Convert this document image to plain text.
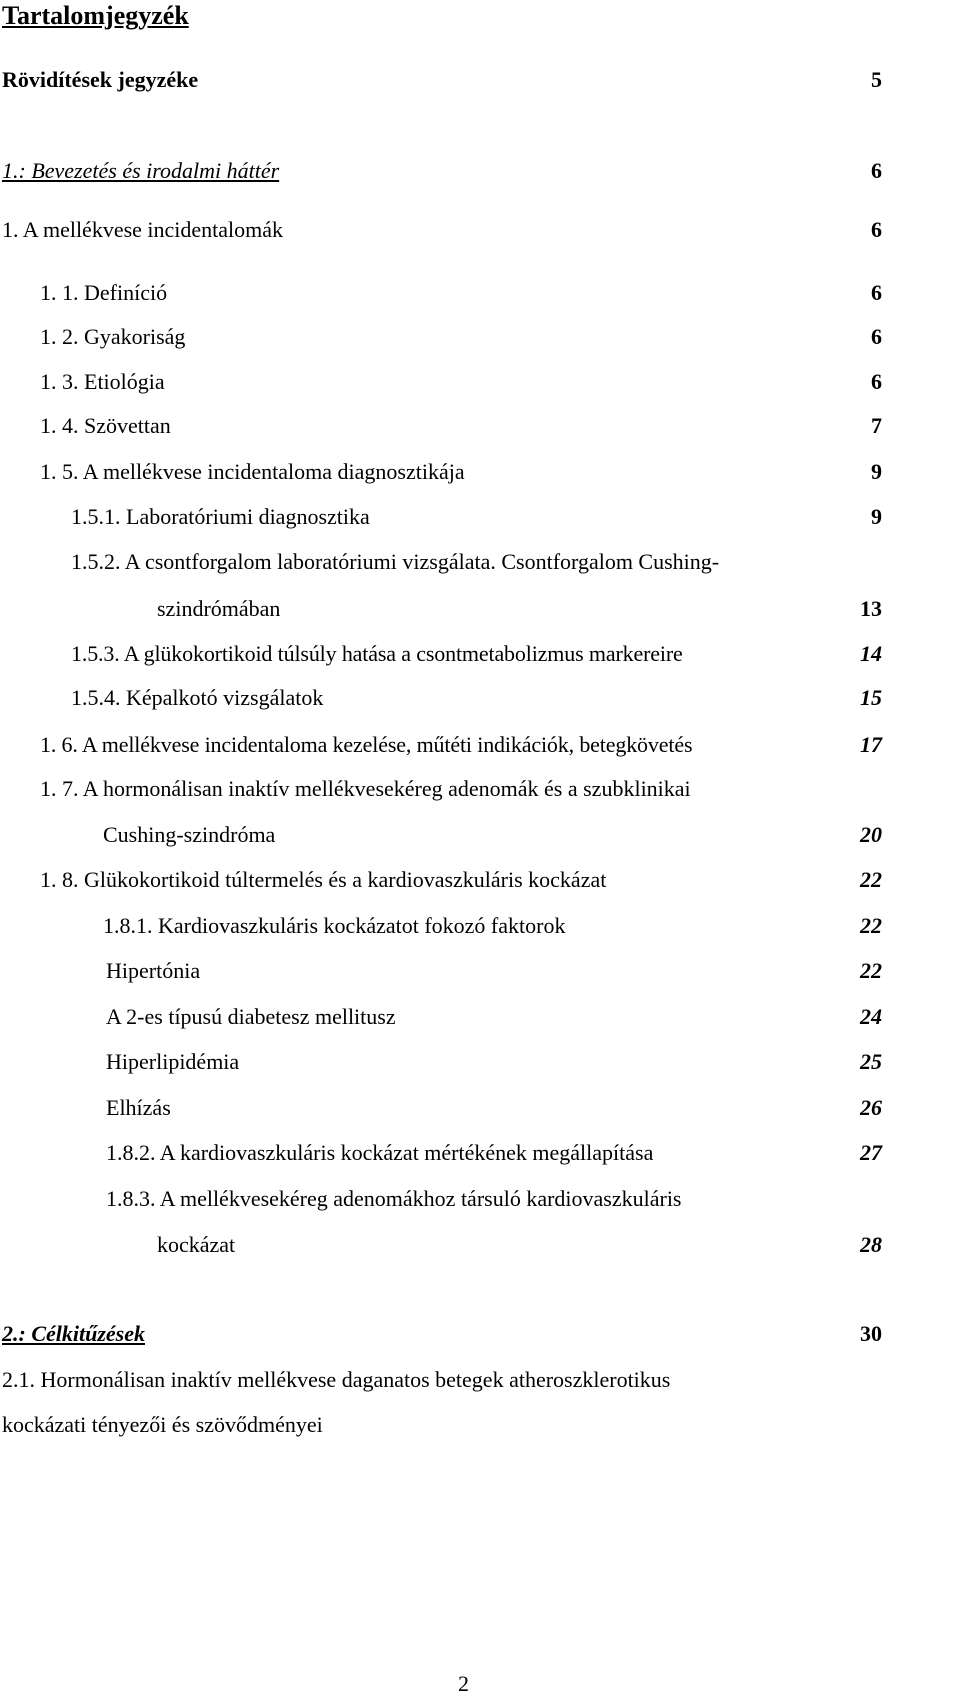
Tartalomjegyzék
Rövidítések jegyzéke	5
1.: Bevezetés és irodalmi háttér	6
1. A mellékvese incidentalomák	6
1. 1. Definíció	6
1. 2. Gyakoriság	6
1. 3. Etiológia	6
1. 4. Szövettan	7
1. 5. A mellékvese incidentaloma diagnosztikája	9
1.5.1. Laboratóriumi diagnosztika	9
1.5.2. A csontforgalom laboratóriumi vizsgálata. Csontforgalom Cushing-
szindrómában	13
1.5.3. A glükokortikoid túlsúly hatása a csontmetabolizmus markereire	14
1.5.4. Képalkotó vizsgálatok	15
1. 6. A mellékvese incidentaloma kezelése, műtéti indikációk, betegkövetés	17
1. 7. A hormonálisan inaktív mellékvesekéreg adenomák és a szubklinikai
Cushing-szindróma	20
1. 8. Glükokortikoid túltermelés és a kardiovaszkuláris kockázat	22
1.8.1. Kardiovaszkuláris kockázatot fokozó faktorok	22
Hipertónia	22
A 2-es típusú diabetesz mellitusz	24
Hiperlipidémia	25
Elhízás	26
1.8.2. A kardiovaszkuláris kockázat mértékének megállapítása	27
1.8.3. A mellékvesekéreg adenomákhoz társuló kardiovaszkuláris
kockázat	28
2.: Célkitűzések	30
2.1. Hormonálisan inaktív mellékvese daganatos betegek atheroszklerotikus
kockázati tényezői és szövődményei
2
